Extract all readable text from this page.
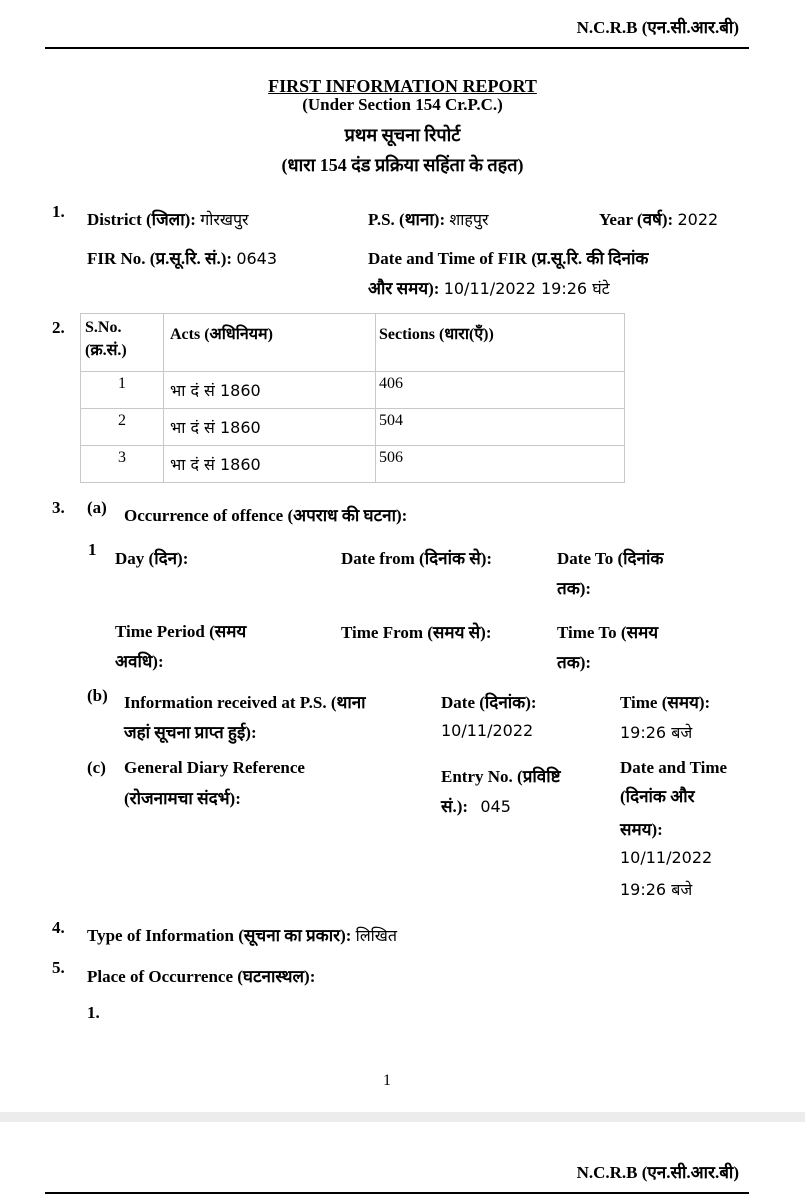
N.C.R.B (एन.सी.आर.बी)
FIRST INFORMATION REPORT
(Under Section 154 Cr.P.C.)
प्रथम सूचना रिपोर्ट
(धारा 154 दंड प्रक्रिया सहिंता के तहत)
1. District (जिला): गोरखपुर	P.S. (थाना): शाहपुर	Year (वर्ष): 2022
FIR No. (प्र.सू.रि. सं.): 0643	Date and Time of FIR (प्र.सू.रि. की दिनांक
और समय): 10/11/2022 19:26 घंटे
2. S.No.
(क्र.सं.)	Acts (अधिनियम)	Sections (धारा(एँ))

1	भा दं सं 1860	406

2	भा दं सं 1860	504

3	भा दं सं 1860	506
3. (a) Occurrence of offence (अपराध की घटना):
1 Day (दिन):	Date from (दिनांक से):	Date To (दिनांक
तक):
Time Period (समय
अवधि):
Time From (समय से):	Time To (समय
तक):
(b) Information received at P.S. (थाना
जहां सूचना प्राप्त हुई):
Date (दिनांक):
10/11/2022
Time (समय):
19:26 बजे
(c) General Diary Reference
(रोजनामचा संदर्भ):
Entry No. (प्रविष्टि
सं.): 045
Date and Time
(दिनांक और
समय):
10/11/2022
19:26 बजे
4. Type of Information (सूचना का प्रकार): लिखित
5. Place of Occurrence (घटनास्थल):
1.
1
N.C.R.B (एन.सी.आर.बी)
